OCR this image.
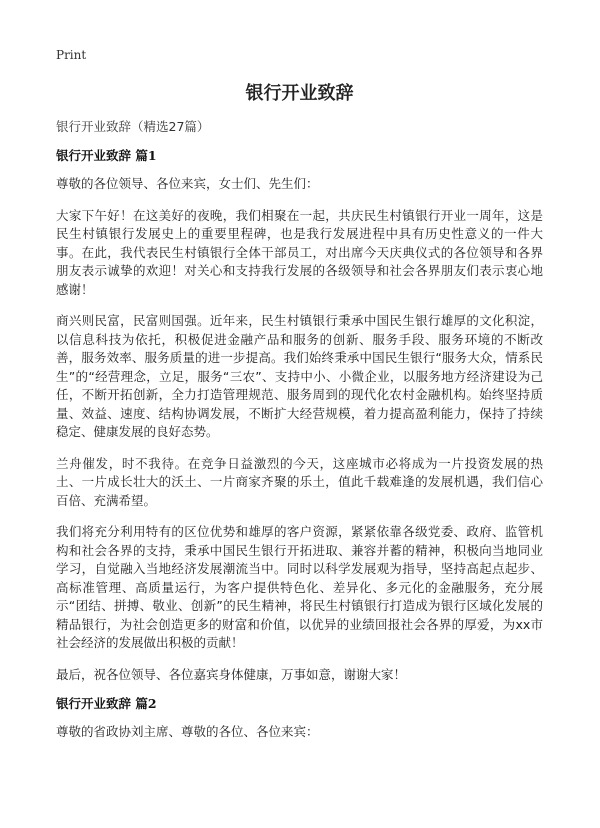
Print
银行开业致辞

银行开业致辞（精选27篇）

银行开业致辞 篇1

尊敬的各位领导、各位来宾，女士们、先生们：

大家下午好！在这美好的夜晚，我们相聚在一起，共庆民生村镇银行开业一周年，这是民生村镇银行发展史上的重要里程碑，也是我行发展进程中具有历史性意义的一件大事。在此，我代表民生村镇银行全体干部员工，对出席今天庆典仪式的各位领导和各界朋友表示诚挚的欢迎！对关心和支持我行发展的各级领导和社会各界朋友们表示衷心地感谢！

商兴则民富，民富则国强。近年来，民生村镇银行秉承中国民生银行雄厚的文化积淀，以信息科技为依托，积极促进金融产品和服务的创新、服务手段、服务环境的不断改善，服务效率、服务质量的进一步提高。我们始终秉承中国民生银行“服务大众，情系民生”的“经营理念，立足，服务“三农”、支持中小、小微企业，以服务地方经济建设为己任，不断开拓创新，全力打造管理规范、服务周到的现代化农村金融机构。始终坚持质量、效益、速度、结构协调发展，不断扩大经营规模，着力提高盈利能力，保持了持续稳定、健康发展的良好态势。

兰舟催发，时不我待。在竞争日益激烈的今天，这座城市必将成为一片投资发展的热土、一片成长壮大的沃土、一片商家齐聚的乐土，值此千载难逢的发展机遇，我们信心百倍、充满希望。

我们将充分利用特有的区位优势和雄厚的客户资源，紧紧依靠各级党委、政府、监管机构和社会各界的支持，秉承中国民生银行开拓进取、兼容并蓄的精神，积极向当地同业学习，自觉融入当地经济发展潮流当中。同时以科学发展观为指导，坚持高起点起步、高标准管理、高质量运行，为客户提供特色化、差异化、多元化的金融服务，充分展示“团结、拼搏、敬业、创新”的民生精神，将民生村镇银行打造成为银行区域化发展的精品银行，为社会创造更多的财富和价值，以优异的业绩回报社会各界的厚爱，为xx市社会经济的发展做出积极的贡献！

最后，祝各位领导、各位嘉宾身体健康，万事如意，谢谢大家！

银行开业致辞 篇2

尊敬的省政协刘主席、尊敬的各位、各位来宾：
